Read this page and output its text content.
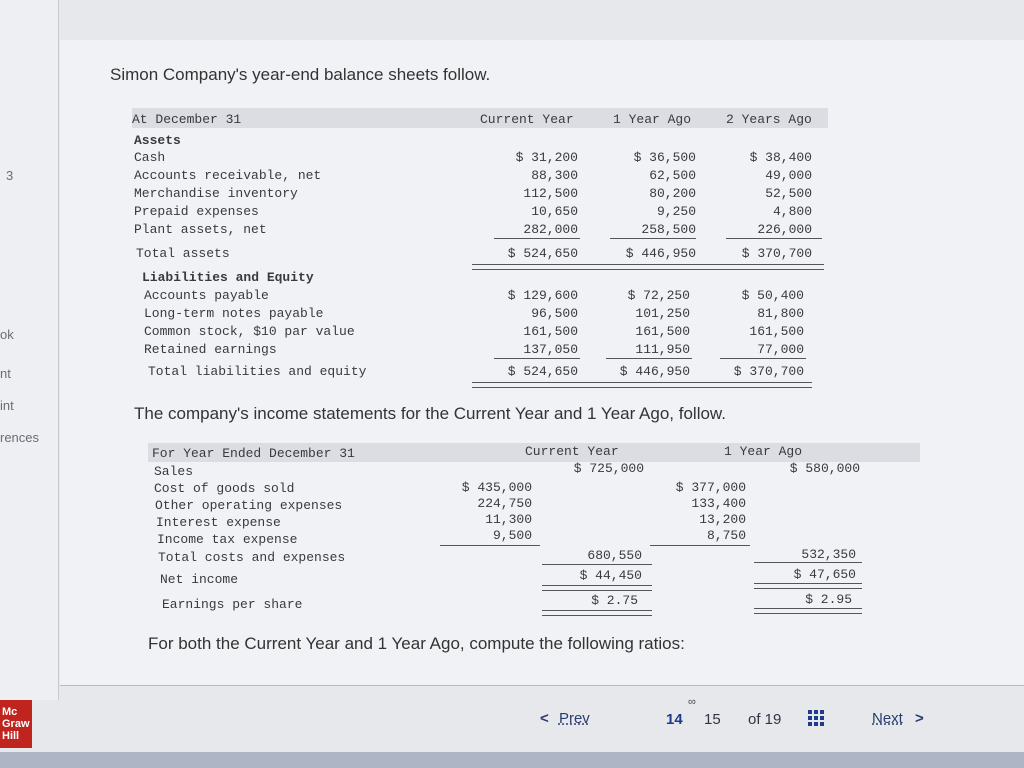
3
ok
nt
int
rences
Mc
Graw
Hill
Simon Company's year-end balance sheets follow.
At December 31	Current Year	1 Year Ago	2 Years Ago
Assets
Cash	$ 31,200	$ 36,500	$ 38,400
Accounts receivable, net	88,300	62,500	49,000
Merchandise inventory	112,500	80,200	52,500
Prepaid expenses	10,650	9,250	4,800
Plant assets, net	282,000	258,500	226,000
Total assets	$ 524,650	$ 446,950	$ 370,700
Liabilities and Equity
Accounts payable	$ 129,600	$ 72,250	$ 50,400
Long-term notes payable	96,500	101,250	81,800
Common stock, $10 par value	161,500	161,500	161,500
Retained earnings	137,050	111,950	77,000
Total liabilities and equity	$ 524,650	$ 446,950	$ 370,700
The company's income statements for the Current Year and 1 Year Ago, follow.
For Year Ended December 31	Current Year	1 Year Ago
Sales	$ 725,000	$ 580,000
Cost of goods sold	$ 435,000	$ 377,000
Other operating expenses	224,750	133,400
Interest expense	11,300	13,200
Income tax expense	9,500	8,750
Total costs and expenses	680,550	532,350
Net income	$ 44,450	$ 47,650
Earnings per share	$ 2.75	$ 2.95
For both the Current Year and 1 Year Ago, compute the following ratios:
< Prev
∞
14 15 of 19	Next >
